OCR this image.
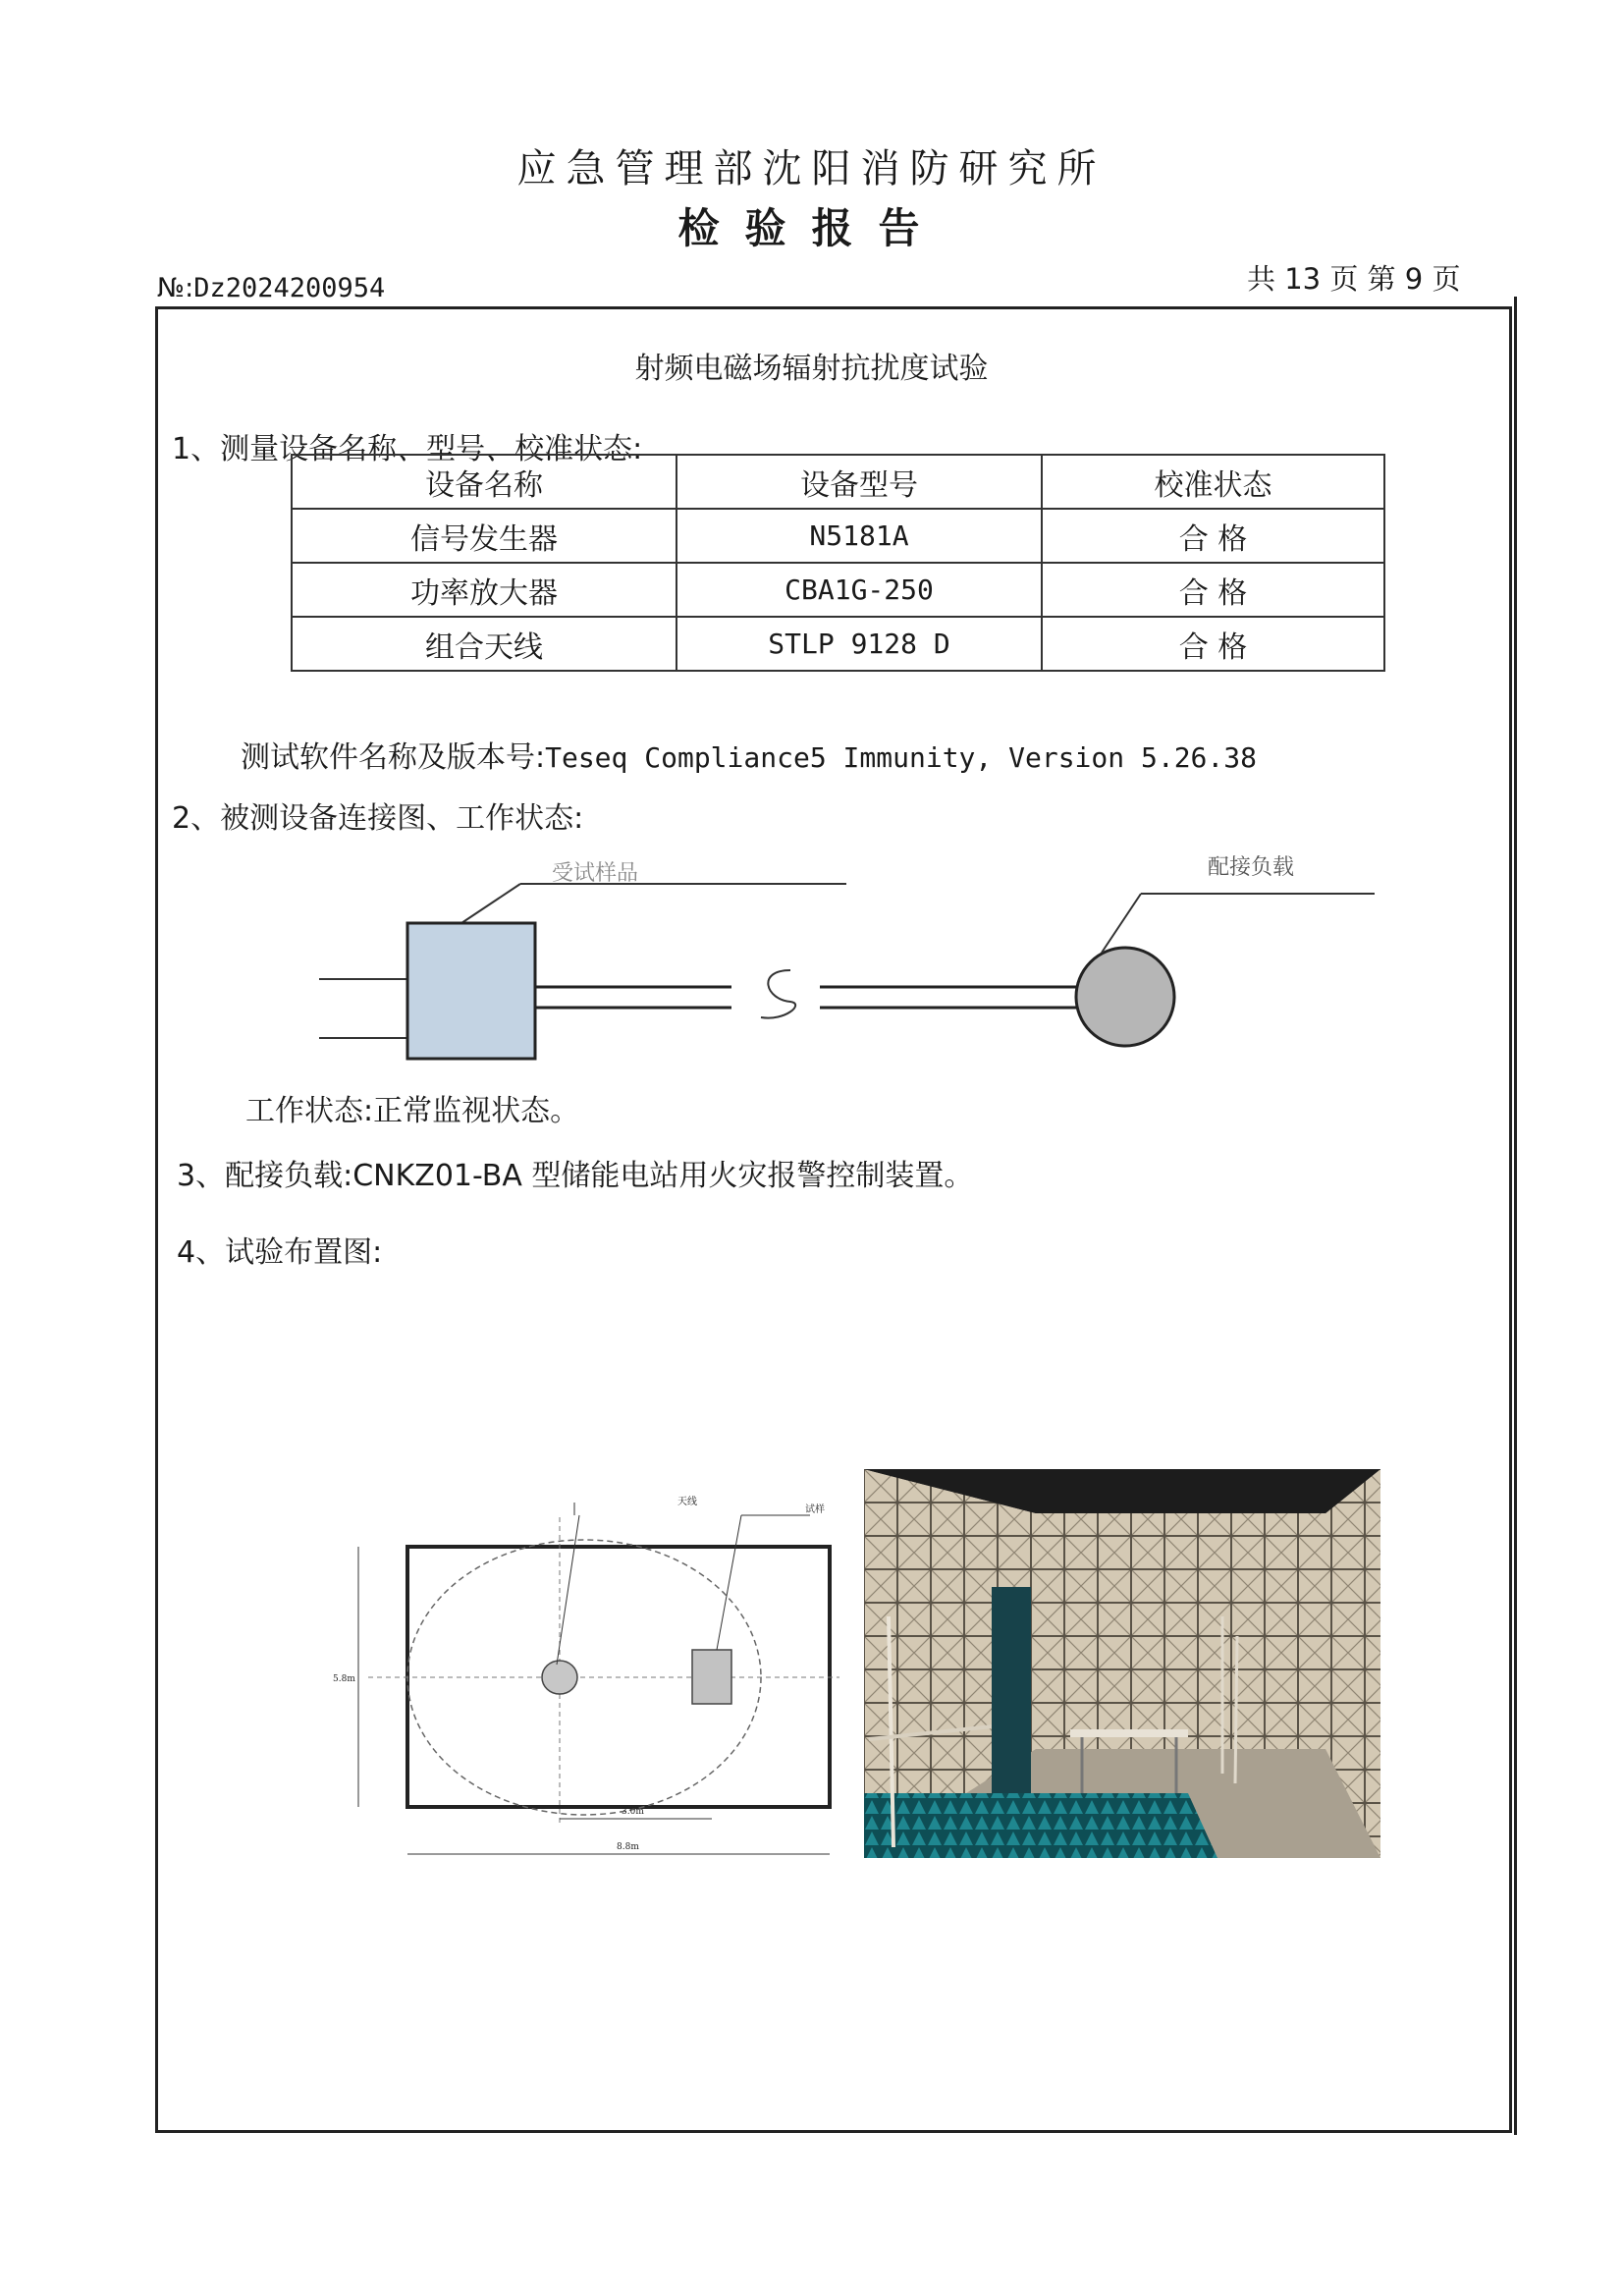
应急管理部沈阳消防研究所
检验报告
№:Dz2024200954	共 13 页 第 9 页
射频电磁场辐射抗扰度试验
1、测量设备名称、型号、校准状态:
设备名称	设备型号	校准状态
信号发生器	N5181A	合 格
功率放大器	CBA1G-250	合 格
组合天线	STLP 9128 D	合 格
测试软件名称及版本号:Teseq Compliance5 Immunity, Version 5.26.38
2、被测设备连接图、工作状态:
受试样品	配接负载
工作状态:正常监视状态。
3、配接负载:CNKZ01-BA 型储能电站用火灾报警控制装置。
4、试验布置图:
天线
试样
5.8m
3.0m
8.8m
